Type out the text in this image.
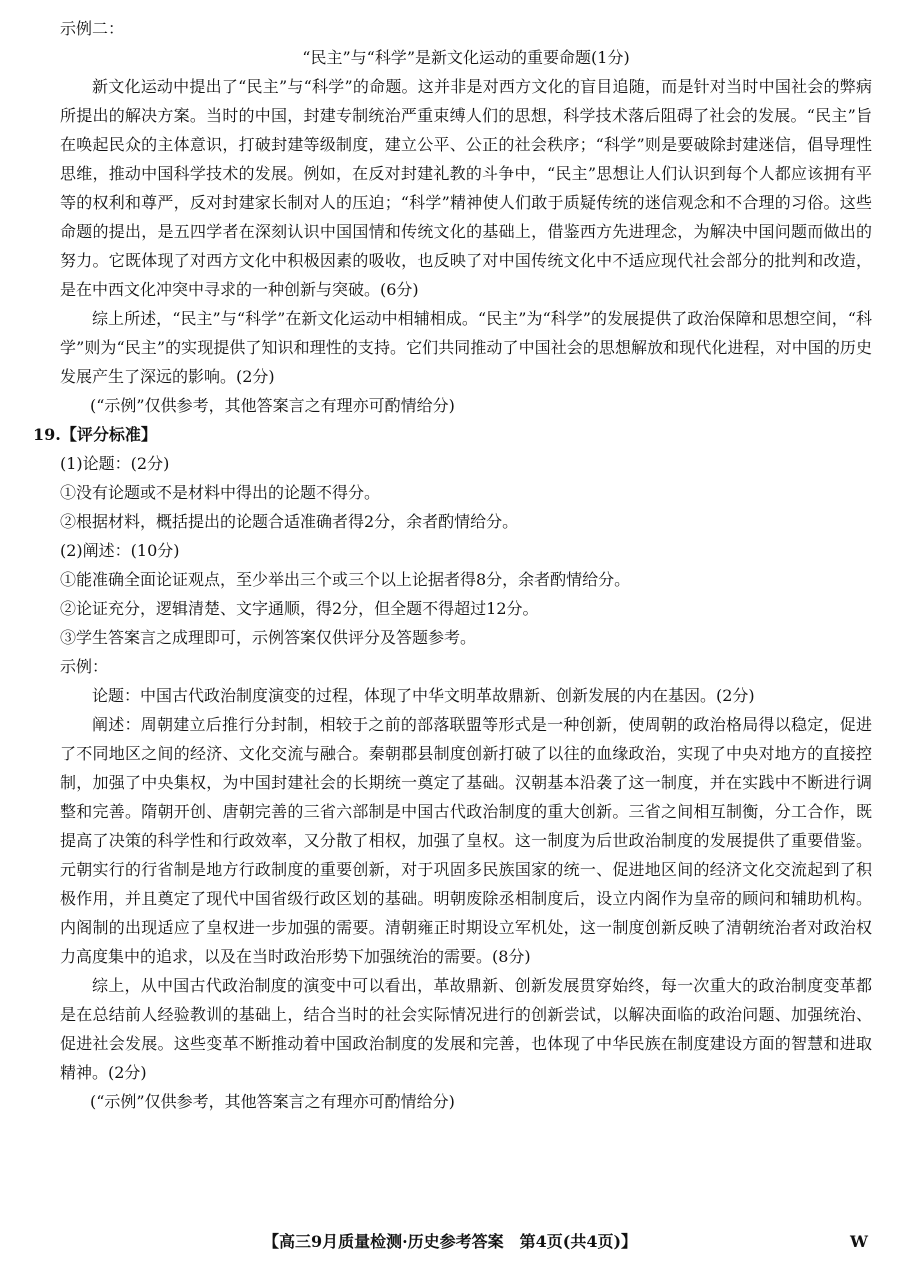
示例二：

“民主”与“科学”是新文化运动的重要命题(1分)

新文化运动中提出了“民主”与“科学”的命题。这并非是对西方文化的盲目追随，而是针对当时中国社会的弊病所提出的解决方案。当时的中国，封建专制统治严重束缚人们的思想，科学技术落后阻碍了社会的发展。“民主”旨在唤起民众的主体意识，打破封建等级制度，建立公平、公正的社会秩序；“科学”则是要破除封建迷信，倡导理性思维，推动中国科学技术的发展。例如，在反对封建礼教的斗争中，“民主”思想让人们认识到每个人都应该拥有平等的权利和尊严，反对封建家长制对人的压迫；“科学”精神使人们敢于质疑传统的迷信观念和不合理的习俗。这些命题的提出，是五四学者在深刻认识中国国情和传统文化的基础上，借鉴西方先进理念，为解决中国问题而做出的努力。它既体现了对西方文化中积极因素的吸收，也反映了对中国传统文化中不适应现代社会部分的批判和改造，是在中西文化冲突中寻求的一种创新与突破。(6分)

综上所述，“民主”与“科学”在新文化运动中相辅相成。“民主”为“科学”的发展提供了政治保障和思想空间，“科学”则为“民主”的实现提供了知识和理性的支持。它们共同推动了中国社会的思想解放和现代化进程，对中国的历史发展产生了深远的影响。(2分)

(“示例”仅供参考，其他答案言之有理亦可酌情给分)

19.【评分标准】

(1)论题：(2分)

①没有论题或不是材料中得出的论题不得分。

②根据材料，概括提出的论题合适准确者得2分，余者酌情给分。

(2)阐述：(10分)

①能准确全面论证观点，至少举出三个或三个以上论据者得8分，余者酌情给分。

②论证充分，逻辑清楚、文字通顺，得2分，但全题不得超过12分。

③学生答案言之成理即可，示例答案仅供评分及答题参考。

示例：

论题：中国古代政治制度演变的过程，体现了中华文明革故鼎新、创新发展的内在基因。(2分)

阐述：周朝建立后推行分封制，相较于之前的部落联盟等形式是一种创新，使周朝的政治格局得以稳定，促进了不同地区之间的经济、文化交流与融合。秦朝郡县制度创新打破了以往的血缘政治，实现了中央对地方的直接控制，加强了中央集权，为中国封建社会的长期统一奠定了基础。汉朝基本沿袭了这一制度，并在实践中不断进行调整和完善。隋朝开创、唐朝完善的三省六部制是中国古代政治制度的重大创新。三省之间相互制衡，分工合作，既提高了决策的科学性和行政效率，又分散了相权，加强了皇权。这一制度为后世政治制度的发展提供了重要借鉴。元朝实行的行省制是地方行政制度的重要创新，对于巩固多民族国家的统一、促进地区间的经济文化交流起到了积极作用，并且奠定了现代中国省级行政区划的基础。明朝废除丞相制度后，设立内阁作为皇帝的顾问和辅助机构。内阁制的出现适应了皇权进一步加强的需要。清朝雍正时期设立军机处，这一制度创新反映了清朝统治者对政治权力高度集中的追求，以及在当时政治形势下加强统治的需要。(8分)

综上，从中国古代政治制度的演变中可以看出，革故鼎新、创新发展贯穿始终，每一次重大的政治制度变革都是在总结前人经验教训的基础上，结合当时的社会实际情况进行的创新尝试，以解决面临的政治问题、加强统治、促进社会发展。这些变革不断推动着中国政治制度的发展和完善，也体现了中华民族在制度建设方面的智慧和进取精神。(2分)

(“示例”仅供参考，其他答案言之有理亦可酌情给分)

【高三9月质量检测·历史参考答案　第4页(共4页)】	W
